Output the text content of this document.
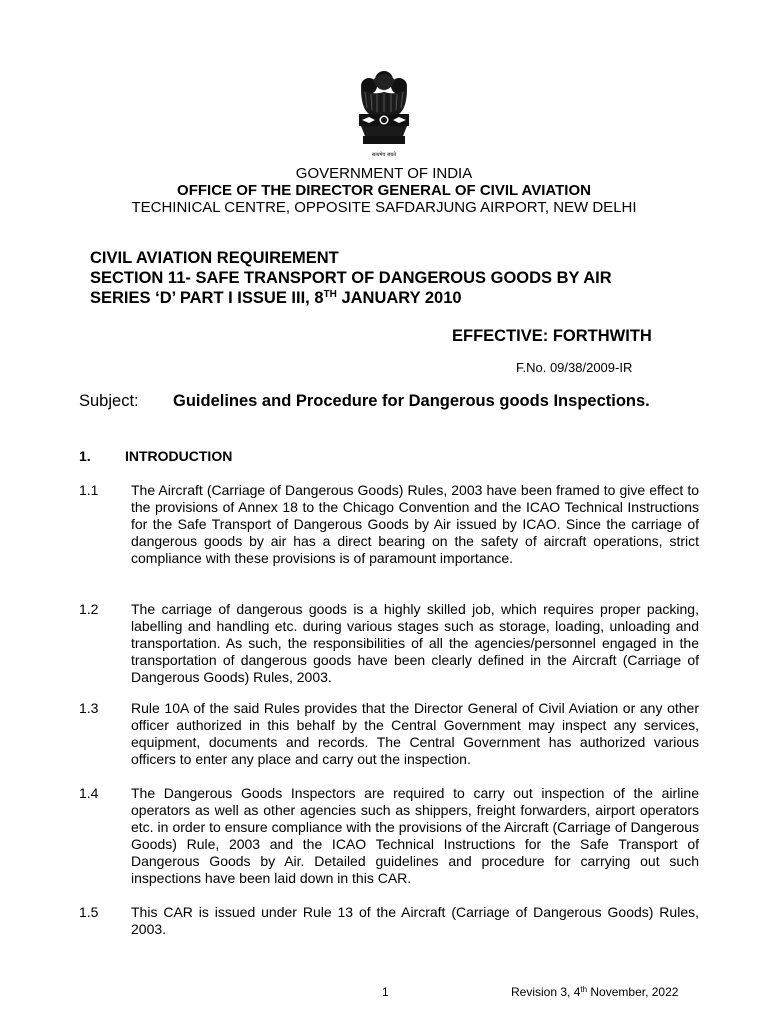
सत्यमेव जयते
GOVERNMENT OF INDIA
OFFICE OF THE DIRECTOR GENERAL OF CIVIL AVIATION
TECHINICAL CENTRE, OPPOSITE SAFDARJUNG AIRPORT, NEW DELHI
CIVIL AVIATION REQUIREMENT
SECTION 11- SAFE TRANSPORT OF DANGEROUS GOODS BY AIR
SERIES ‘D’ PART I ISSUE III, 8TH JANUARY 2010
EFFECTIVE: FORTHWITH
F.No. 09/38/2009-IR
Subject: Guidelines and Procedure for Dangerous goods Inspections.
1. INTRODUCTION
1.1 The Aircraft (Carriage of Dangerous Goods) Rules, 2003 have been framed to give effect to the provisions of Annex 18 to the Chicago Convention and the ICAO Technical Instructions for the Safe Transport of Dangerous Goods by Air issued by ICAO. Since the carriage of dangerous goods by air has a direct bearing on the safety of aircraft operations, strict compliance with these provisions is of paramount importance.
1.2 The carriage of dangerous goods is a highly skilled job, which requires proper packing, labelling and handling etc. during various stages such as storage, loading, unloading and transportation. As such, the responsibilities of all the agencies/personnel engaged in the transportation of dangerous goods have been clearly defined in the Aircraft (Carriage of Dangerous Goods) Rules, 2003.
1.3 Rule 10A of the said Rules provides that the Director General of Civil Aviation or any other officer authorized in this behalf by the Central Government may inspect any services, equipment, documents and records. The Central Government has authorized various officers to enter any place and carry out the inspection.
1.4 The Dangerous Goods Inspectors are required to carry out inspection of the airline operators as well as other agencies such as shippers, freight forwarders, airport operators etc. in order to ensure compliance with the provisions of the Aircraft (Carriage of Dangerous Goods) Rule, 2003 and the ICAO Technical Instructions for the Safe Transport of Dangerous Goods by Air. Detailed guidelines and procedure for carrying out such inspections have been laid down in this CAR.
1.5 This CAR is issued under Rule 13 of the Aircraft (Carriage of Dangerous Goods) Rules, 2003.
1	Revision 3, 4th November, 2022
